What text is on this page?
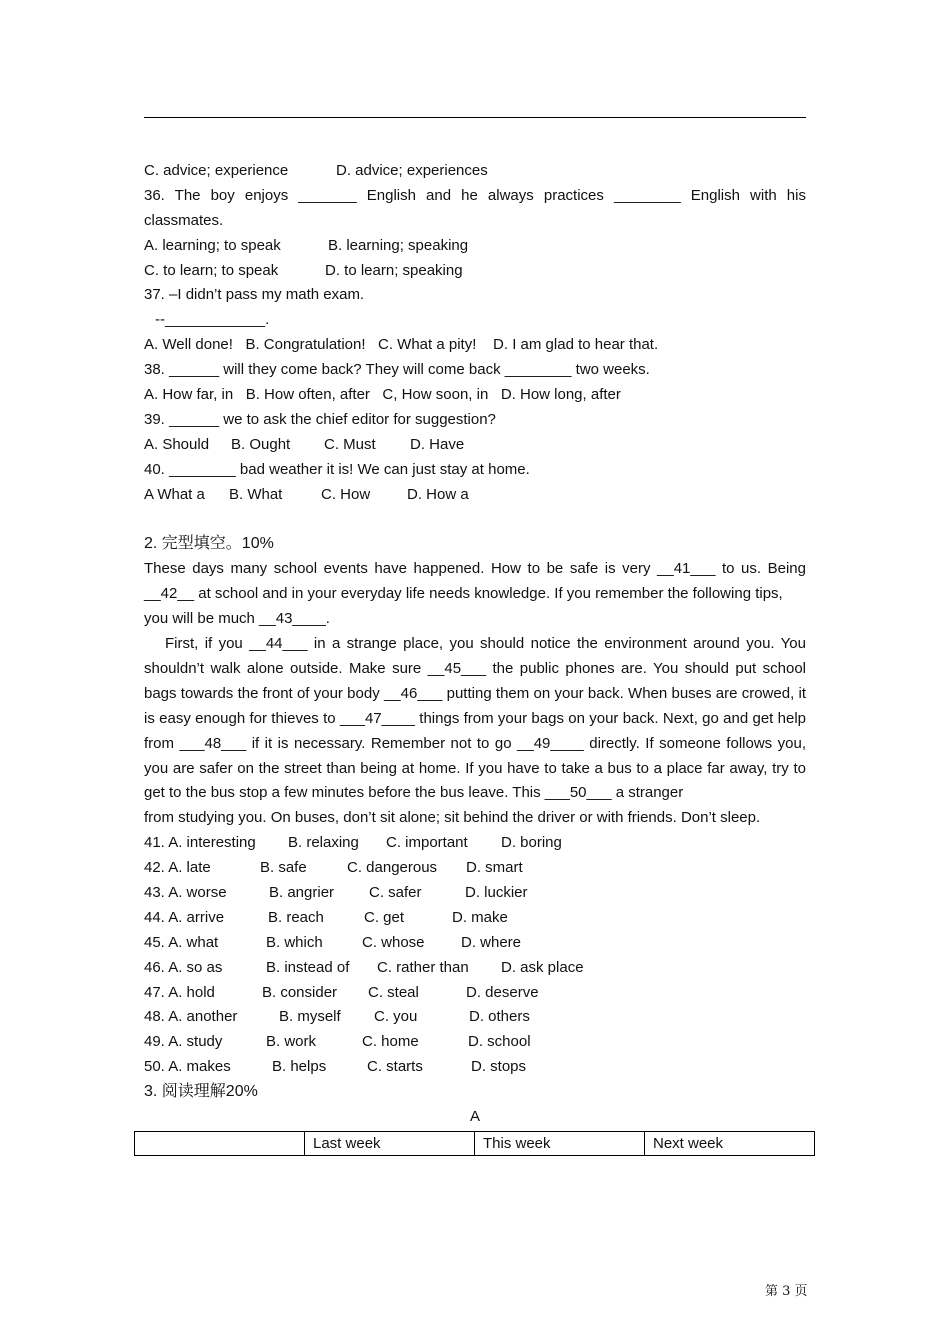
C. advice; experience	D. advice; experiences
36. The boy enjoys _______ English and he always practices ________ English with his
classmates.
A. learning; to speak	B. learning; speaking
C. to learn; to speak	D. to learn; speaking
37. –I didn’t pass my math exam.
--____________.
A. Well done!   B. Congratulation!   C. What a pity!    D. I am glad to hear that.
38. ______ will they come back? They will come back ________ two weeks.
A. How far, in   B. How often, after   C, How soon, in   D. How long, after
39. ______ we to ask the chief editor for suggestion?
A. Should	B. Ought	C. Must	D. Have
40. ________ bad weather it is! We can just stay at home.
A What a	B. What	C. How	D. How a
2. 完型填空。10%
These days many school events have happened. How to be safe is very __41___ to us. Being __42__ at school and in your everyday life needs knowledge. If you remember the following tips,
you will be much __43____.
First, if you __44___ in a strange place, you should notice the environment around you. You shouldn’t walk alone outside. Make sure __45___ the public phones are. You should put school bags towards the front of your body __46___ putting them on your back. When buses are crowed, it is easy enough for thieves to ___47____ things from your bags on your back. Next, go and get help from ___48___ if it is necessary. Remember not to go __49____ directly. If someone follows you, you are safer on the street than being at home. If you have to take a bus to a place far away, try to get to the bus stop a few minutes before the bus leave. This ___50___ a stranger
from studying you. On buses, don’t sit alone; sit behind the driver or with friends. Don’t sleep.
41. A. interesting	B. relaxing	C. important	D. boring
42. A. late	B. safe	C. dangerous	D. smart
43. A. worse	B. angrier	C. safer	D. luckier
44. A. arrive	B. reach	C. get	D. make
45. A. what	B. which	C. whose	D. where
46. A. so as	B. instead of	C. rather than	D. ask place
47. A. hold	B. consider	C. steal	D. deserve
48. A. another	B. myself	C. you	D. others
49. A. study	B. work	C. home	D. school
50. A. makes	B. helps	C. starts	D. stops
3. 阅读理解20%
A
	Last week	This week	Next week
第 3 页
